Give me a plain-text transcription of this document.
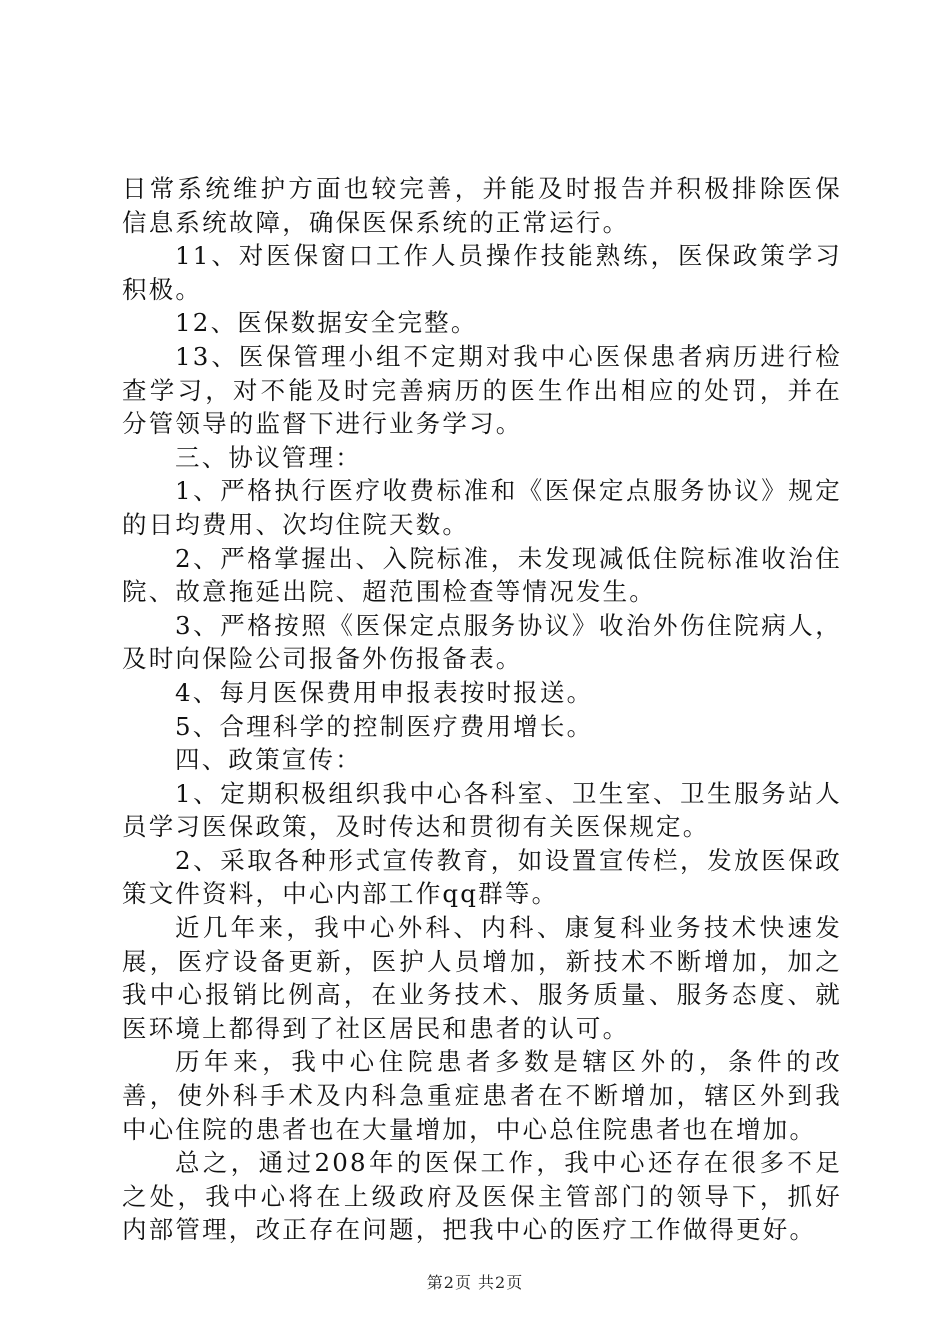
日常系统维护方面也较完善，并能及时报告并积极排除医保信息系统故障，确保医保系统的正常运行。

11、对医保窗口工作人员操作技能熟练，医保政策学习积极。

12、医保数据安全完整。

13、医保管理小组不定期对我中心医保患者病历进行检查学习，对不能及时完善病历的医生作出相应的处罚，并在分管领导的监督下进行业务学习。

三、协议管理：

1、严格执行医疗收费标准和《医保定点服务协议》规定的日均费用、次均住院天数。

2、严格掌握出、入院标准，未发现减低住院标准收治住院、故意拖延出院、超范围检查等情况发生。

3、严格按照《医保定点服务协议》收治外伤住院病人，及时向保险公司报备外伤报备表。

4、每月医保费用申报表按时报送。

5、合理科学的控制医疗费用增长。

四、政策宣传：

1、定期积极组织我中心各科室、卫生室、卫生服务站人员学习医保政策，及时传达和贯彻有关医保规定。

2、采取各种形式宣传教育，如设置宣传栏，发放医保政策文件资料，中心内部工作qq群等。

近几年来，我中心外科、内科、康复科业务技术快速发展，医疗设备更新，医护人员增加，新技术不断增加，加之我中心报销比例高，在业务技术、服务质量、服务态度、就医环境上都得到了社区居民和患者的认可。

历年来，我中心住院患者多数是辖区外的，条件的改善，使外科手术及内科急重症患者在不断增加，辖区外到我中心住院的患者也在大量增加，中心总住院患者也在增加。

总之，通过208年的医保工作，我中心还存在很多不足之处，我中心将在上级政府及医保主管部门的领导下，抓好内部管理，改正存在问题，把我中心的医疗工作做得更好。

第2页 共2页
